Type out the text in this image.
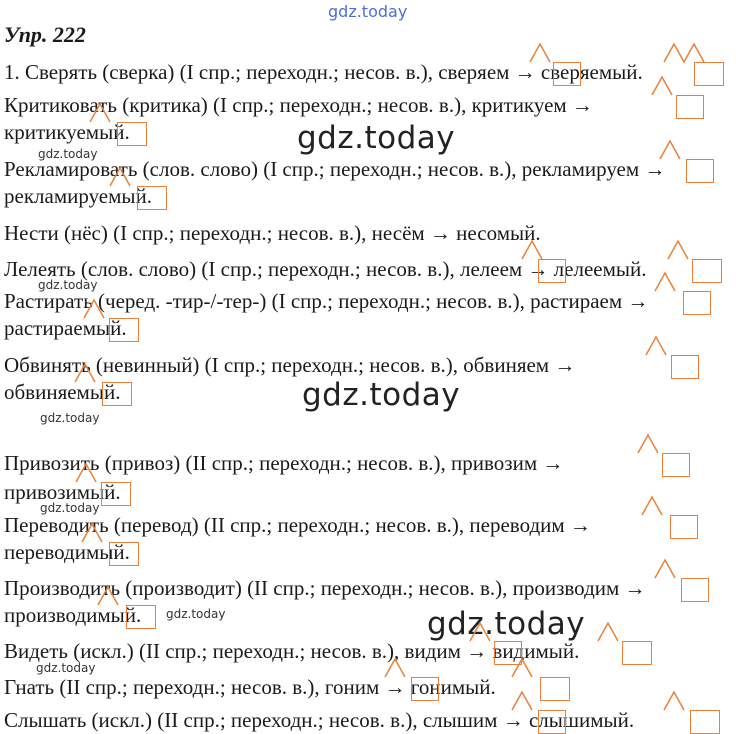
gdz.today
gdz.today
gdz.today
gdz.today
gdz.today
gdz.today
gdz.today
gdz.today
gdz.today
gdz.today
Упр. 222
1. Сверять (сверка) (I спр.; переходн.; несов. в.), сверяем → сверяемый.
Критиковать (критика) (I спр.; переходн.; несов. в.), критикуем →
критикуемый.
Рекламировать (слов. слово) (I спр.; переходн.; несов. в.), рекламируем →
рекламируемый.
Нести (нёс) (I спр.; переходн.; несов. в.), несём → несомый.
Лелеять (слов. слово) (I спр.; переходн.; несов. в.), лелеем → лелеемый.
Растирать (черед. -тир-/-тер-) (I спр.; переходн.; несов. в.), растираем →
растираемый.
Обвинять (невинный) (I спр.; переходн.; несов. в.), обвиняем →
обвиняемый.
Привозить (привоз) (II спр.; переходн.; несов. в.), привозим →
привозимый.
Переводить (перевод) (II спр.; переходн.; несов. в.), переводим →
переводимый.
Производить (производит) (II спр.; переходн.; несов. в.), производим →
производимый.
Видеть (искл.) (II спр.; переходн.; несов. в.), видим → видимый.
Гнать (II спр.; переходн.; несов. в.), гоним → гонимый.
Слышать (искл.) (II спр.; переходн.; несов. в.), слышим → слышимый.
